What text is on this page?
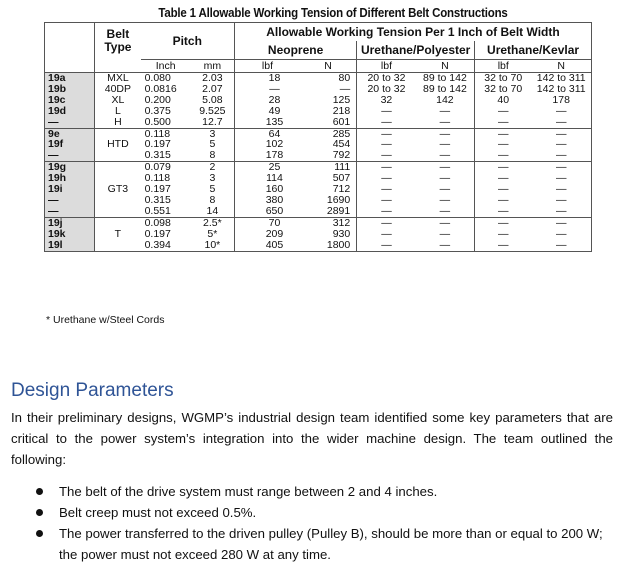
Table 1 Allowable Working Tension of Different Belt Constructions
	Belt Type	Pitch		Allowable Working Tension Per 1 Inch of Belt Width					
				Neoprene		Urethane/Polyester		Urethane/Kevlar	
		Inch	mm	lbf	N	lbf	N	lbf	N
19a	MXL	0.080	2.03	18	80	20 to 32	89 to 142	32 to 70	142 to 311
19b	40DP	0.0816	2.07	—	—	20 to 32	89 to 142	32 to 70	142 to 311
19c	XL	0.200	5.08	28	125	32	142	40	178
19d	L	0.375	9.525	49	218	—	—	—	—
—	H	0.500	12.7	135	601	—	—	—	—
9e		0.118	3	64	285	—	—	—	—
19f	HTD	0.197	5	102	454	—	—	—	—
—		0.315	8	178	792	—	—	—	—
19g		0.079	2	25	111	—	—	—	—
19h		0.118	3	114	507	—	—	—	—
19i	GT3	0.197	5	160	712	—	—	—	—
—		0.315	8	380	1690	—	—	—	—
—		0.551	14	650	2891	—	—	—	—
19j		0.098	2.5*	70	312	—	—	—	—
19k	T	0.197	5*	209	930	—	—	—	—
19l		0.394	10*	405	1800	—	—	—	—
* Urethane w/Steel Cords
Design Parameters

In their preliminary designs, WGMP’s industrial design team identified some key parameters that are critical to the power system’s integration into the wider machine design. The team outlined the following:

The belt of the drive system must range between 2 and 4 inches.
Belt creep must not exceed 0.5%.
The power transferred to the driven pulley (Pulley B), should be more than or equal to 200 W; the power must not exceed 280 W at any time.
